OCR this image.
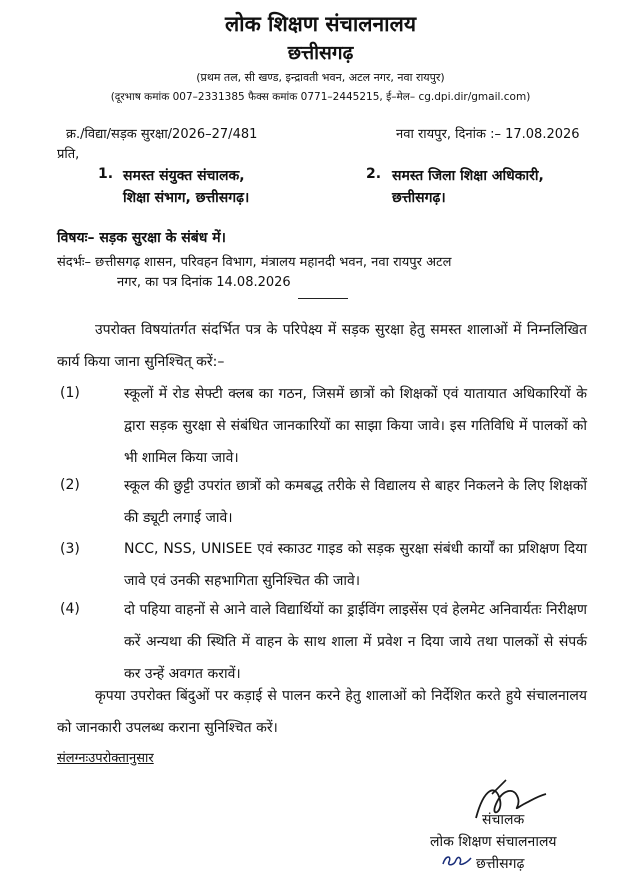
लोक शिक्षण संचालनालय
छत्तीसगढ़
(प्रथम तल, सी खण्ड, इन्द्रावती भवन, अटल नगर, नवा रायपुर)
(दूरभाष कमांक 007–2331385 फैक्स कमांक 0771–2445215, ई–मेल– cg.dpi.dir/gmail.com)
क्र./विद्या/सड़क सुरक्षा/2026–27/481	नवा रायपुर, दिनांक :– 17.08.2026
प्रति,
1. समस्त संयुक्त संचालक,
शिक्षा संभाग, छत्तीसगढ़।
2. समस्त जिला शिक्षा अधिकारी,
छत्तीसगढ़।
विषयः– सड़क सुरक्षा के संबंध में।
संदर्भः– छत्तीसगढ़ शासन, परिवहन विभाग, मंत्रालय महानदी भवन, नवा रायपुर अटल
नगर, का पत्र दिनांक 14.08.2026
उपरोक्त विषयांतर्गत संदर्भित पत्र के परिपेक्ष्य में सड़क सुरक्षा हेतु समस्त शालाओं में निम्नलिखित कार्य किया जाना सुनिश्चित् करें:–
(1)	स्कूलों में रोड सेफ्टी क्लब का गठन, जिसमें छात्रों को शिक्षकों एवं यातायात अधिकारियों के द्वारा सड़क सुरक्षा से संबंधित जानकारियों का साझा किया जावे। इस गतिविधि में पालकों को भी शामिल किया जावे।
(2)	स्कूल की छुट्टी उपरांत छात्रों को कमबद्ध तरीके से विद्यालय से बाहर निकलने के लिए शिक्षकों की ड्यूटी लगाई जावे।
(3)	NCC, NSS, UNISEE एवं स्काउट गाइड को सड़क सुरक्षा संबंधी कार्यों का प्रशिक्षण दिया जावे एवं उनकी सहभागिता सुनिश्चित की जावे।
(4)	दो पहिया वाहनों से आने वाले विद्यार्थियों का ड्राईविंग लाइसेंस एवं हेलमेट अनिवार्यतः निरीक्षण करें अन्यथा की स्थिति में वाहन के साथ शाला में प्रवेश न दिया जाये तथा पालकों से संपर्क कर उन्हें अवगत करावें।
कृपया उपरोक्त बिंदुओं पर कड़ाई से पालन करने हेतु शालाओं को निर्देशित करते हुये संचालनालय को जानकारी उपलब्ध कराना सुनिश्चित करें।
संलग्नःउपरोक्तानुसार
संचालक
लोक शिक्षण संचालनालय
छत्तीसगढ़
